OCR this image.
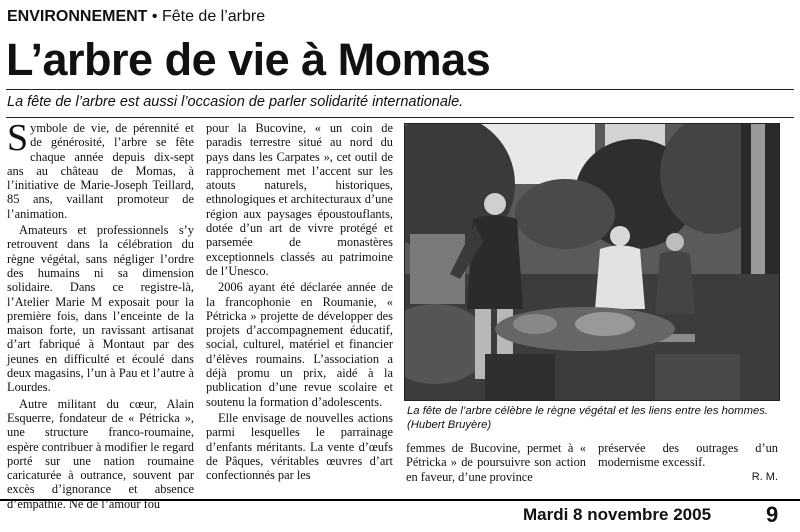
ENVIRONNEMENT • Fête de l’arbre
L’arbre de vie à Momas
La fête de l’arbre est aussi l’occasion de parler solidarité internationale.

Symbole de vie, de pérennité et de générosité, l’arbre se fête chaque année depuis dix-sept ans au château de Momas, à l’initiative de Marie-Joseph Teillard, 85 ans, vaillant promoteur de l’animation.

Amateurs et professionnels s’y retrouvent dans la célébration du règne végétal, sans négliger l’ordre des humains ni sa dimension solidaire. Dans ce registre-là, l’Atelier Marie M exposait pour la première fois, dans l’enceinte de la maison forte, un ravissant artisanat d’art fabriqué à Montaut par des jeunes en difficulté et écoulé dans deux magasins, l’un à Pau et l’autre à Lourdes.

Autre militant du cœur, Alain Esquerre, fondateur de « Pétricka », une structure franco-roumaine, espère contribuer à modifier le regard porté sur une nation roumaine caricaturée à outrance, souvent par excès d’ignorance et absence d’empathie. Né de l’amour fou

pour la Bucovine, « un coin de paradis terrestre situé au nord du pays dans les Carpates », cet outil de rapprochement met l’accent sur les atouts naturels, historiques, ethnologiques et architecturaux d’une région aux paysages époustouflants, dotée d’un art de vivre protégé et parsemée de monastères exceptionnels classés au patrimoine de l’Unesco.

2006 ayant été déclarée année de la francophonie en Roumanie, « Pétricka » projette de développer des projets d’accompagnement éducatif, social, culturel, matériel et financier d’élèves roumains. L’association a déjà promu un prix, aidé à la publication d’une revue scolaire et soutenu la formation d’adolescents.

Elle envisage de nouvelles actions parmi lesquelles le parrainage d’enfants méritants. La vente d’œufs de Pâques, véritables œuvres d’art confectionnés par les

La fête de l’arbre célèbre le règne végétal et les liens entre les hommes. (Hubert Bruyère)

femmes de Bucovine, permet à « Pétricka » de poursuivre son action en faveur, d’une province

préservée des outrages d’un modernisme excessif.

R. M.
Mardi 8 novembre 2005 9
